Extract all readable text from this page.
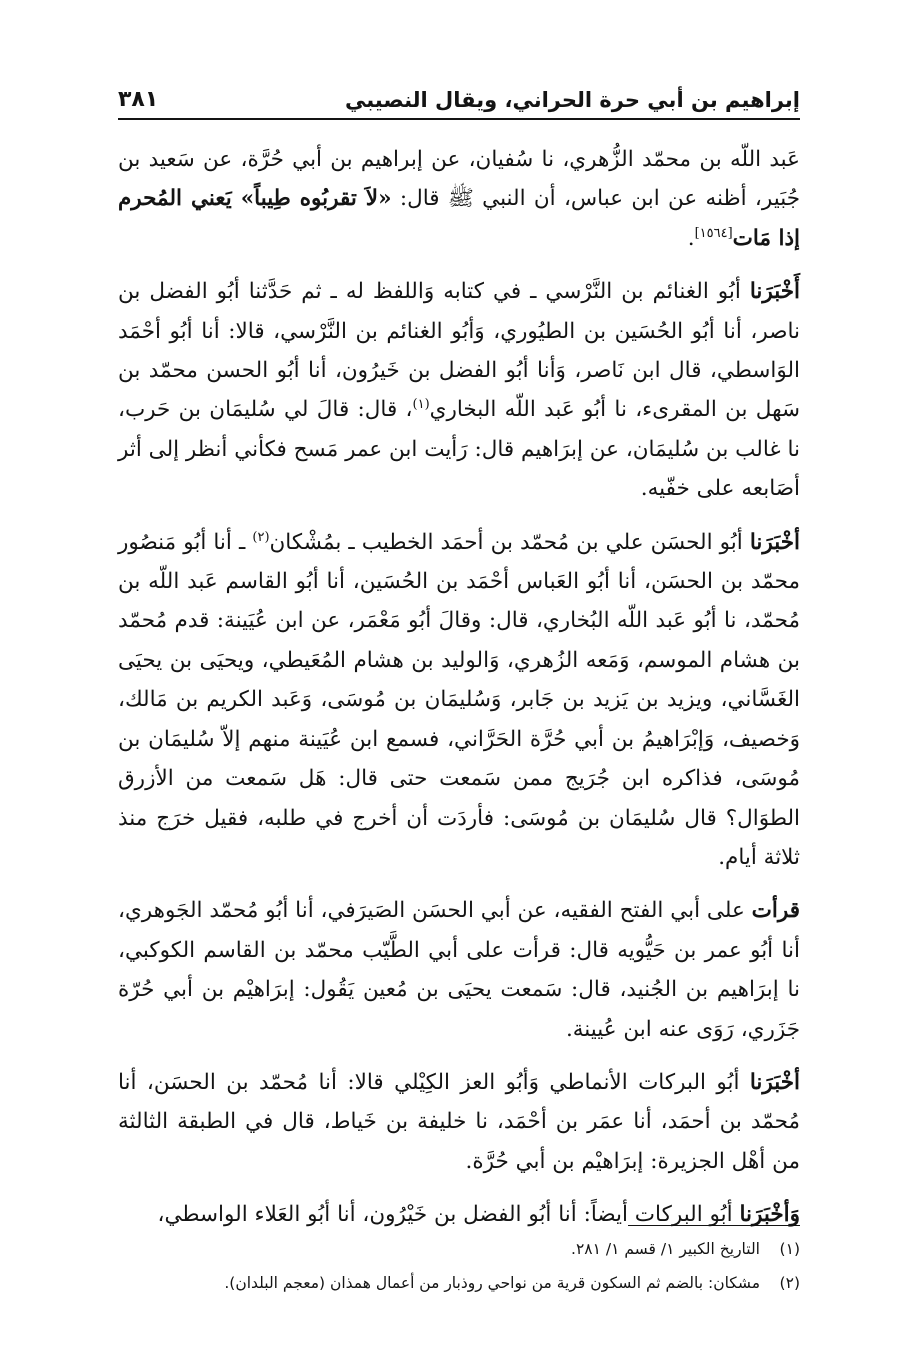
إبراهيم بن أبي حرة الحراني، ويقال النصيبي
٣٨١

عَبد اللّه بن محمّد الزُّهري، نا سُفيان، عن إبراهيم بن أبي حُرَّة، عن سَعيد بن جُبَير، أظنه عن ابن عباس، أن النبي ﷺ قال: «لاَ تقربُوه طِيباً» يَعني المُحرم إذا مَات[١٥٦٤].

أَخْبَرَنا أبُو الغنائم بن النَّرْسي ـ في كتابه وَاللفظ له ـ ثم حَدَّثنا أبُو الفضل بن ناصر، أنا أبُو الحُسَين بن الطيُوري، وَأبُو الغنائم بن النَّرْسي، قالا: أنا أبُو أحْمَد الوَاسطي، قال ابن نَاصر، وَأنا أبُو الفضل بن خَيرُون، أنا أبُو الحسن محمّد بن سَهل بن المقرىء، نا أبُو عَبد اللّه البخاري$^{(١)}$، قال: قالَ لي سُليمَان بن حَرب، نا غالب بن سُليمَان، عن إبرَاهيم قال: رَأيت ابن عمر مَسح فكأني أنظر إلى أثر أصَابعه على خفّيه.

أخْبَرَنا أبُو الحسَن علي بن مُحمّد بن أحمَد الخطيب ـ بمُشْكان$^{(٢)}$ ـ أنا أبُو مَنصُور محمّد بن الحسَن، أنا أبُو العَباس أحْمَد بن الحُسَين، أنا أبُو القاسم عَبد اللّه بن مُحمّد، نا أبُو عَبد اللّه البُخاري، قال: وقالَ أبُو مَعْمَر، عن ابن عُيَينة: قدم مُحمّد بن هشام الموسم، وَمَعه الزُهري، وَالوليد بن هشام المُعَيطي، ويحيَى بن يحيَى الغَسَّاني، ويزيد بن يَزيد بن جَابر، وَسُليمَان بن مُوسَى، وَعَبد الكريم بن مَالك، وَخصيف، وَإبْرَاهيمُ بن أبي حُرَّة الحَرَّاني، فسمع ابن عُيَينة منهم إلاّ سُليمَان بن مُوسَى، فذاكره ابن جُرَيج ممن سَمعت حتى قال: هَل سَمعت من الأزرق الطوَال؟ قال سُليمَان بن مُوسَى: فأردَت أن أخرج في طلبه، فقيل خرَج منذ ثلاثة أيام.

قرأت على أبي الفتح الفقيه، عن أبي الحسَن الصَيرَفي، أنا أبُو مُحمّد الجَوهري، أنا أبُو عمر بن حَيُّويه قال: قرأت على أبي الطَّيّب محمّد بن القاسم الكوكبي، نا إبرَاهيم بن الجُنيد، قال: سَمعت يحيَى بن مُعين يَقُول: إبرَاهيْم بن أبي حُرّة جَزَري، رَوَى عنه ابن عُيينة.

أخْبَرَنا أبُو البركات الأنماطي وَأبُو العز الكِيْلي قالا: أنا مُحمّد بن الحسَن، أنا مُحمّد بن أحمَد، أنا عمَر بن أحْمَد، نا خليفة بن خَياط، قال في الطبقة الثالثة من أهْل الجزيرة: إبرَاهيْم بن أبي حُرَّة.

وَأخْبَرَنا أبُو البركات أيضاً: أنا أبُو الفضل بن خَيْرُون، أنا أبُو العَلاء الواسطي،

(١)
التاريخ الكبير ١/ قسم ١/ ٢٨١.
(٢)
مشكان: بالضم ثم السكون قرية من نواحي روذبار من أعمال همذان (معجم البلدان).
